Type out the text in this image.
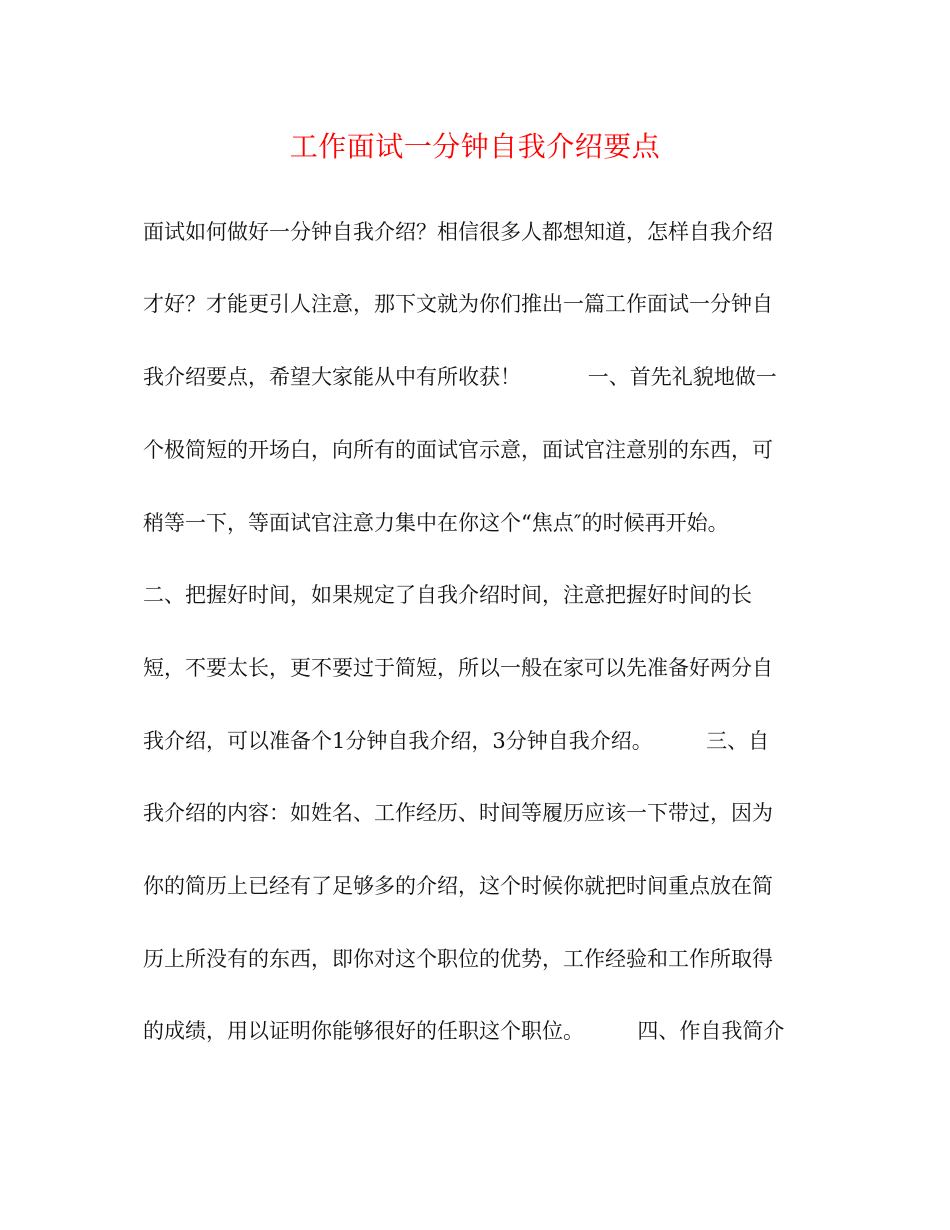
工作面试一分钟自我介绍要点

面试如何做好一分钟自我介绍？相信很多人都想知道，怎样自我介绍

才好？才能更引人注意，那下文就为你们推出一篇工作面试一分钟自

我介绍要点，希望大家能从中有所收获！          一、首先礼貌地做一

个极简短的开场白，向所有的面试官示意，面试官注意别的东西，可

稍等一下，等面试官注意力集中在你这个“焦点″的时候再开始。

二、把握好时间，如果规定了自我介绍时间，注意把握好时间的长

短，不要太长，更不要过于简短，所以一般在家可以先准备好两分自

我介绍，可以准备个1分钟自我介绍，3分钟自我介绍。        三、自

我介绍的内容：如姓名、工作经历、时间等履历应该一下带过，因为

你的简历上已经有了足够多的介绍，这个时候你就把时间重点放在简

历上所没有的东西，即你对这个职位的优势，工作经验和工作所取得

的成绩，用以证明你能够很好的任职这个职位。        四、作自我简介
